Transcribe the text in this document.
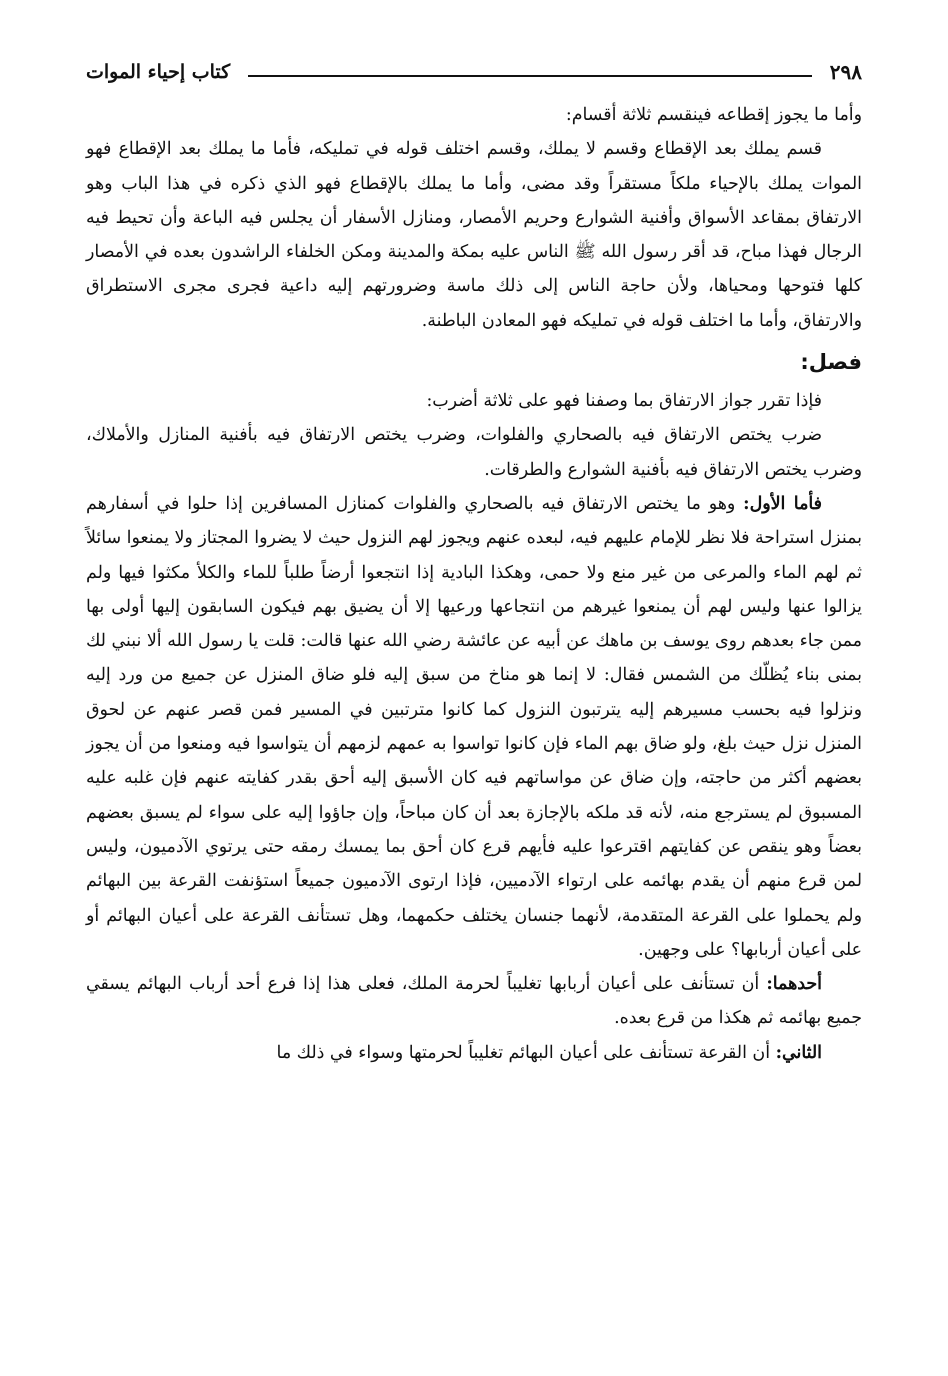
٢٩٨
كتاب إحياء الموات

وأما ما يجوز إقطاعه فينقسم ثلاثة أقسام:

قسم يملك بعد الإقطاع وقسم لا يملك، وقسم اختلف قوله في تمليكه، فأما ما يملك بعد الإقطاع فهو الموات يملك بالإحياء ملكاً مستقراً وقد مضى، وأما ما يملك بالإقطاع فهو الذي ذكره في هذا الباب وهو الارتفاق بمقاعد الأسواق وأفنية الشوارع وحريم الأمصار، ومنازل الأسفار أن يجلس فيه الباعة وأن تحيط فيه الرجال فهذا مباح، قد أقر رسول الله ﷺ الناس عليه بمكة والمدينة ومكن الخلفاء الراشدون بعده في الأمصار كلها فتوحها ومحياها، ولأن حاجة الناس إلى ذلك ماسة وضرورتهم إليه داعية فجرى مجرى الاستطراق والارتفاق، وأما ما اختلف قوله في تمليكه فهو المعادن الباطنة.

فصل:

فإذا تقرر جواز الارتفاق بما وصفنا فهو على ثلاثة أضرب:

ضرب يختص الارتفاق فيه بالصحاري والفلوات، وضرب يختص الارتفاق فيه بأفنية المنازل والأملاك، وضرب يختص الارتفاق فيه بأفنية الشوارع والطرقات.

فأما الأول: وهو ما يختص الارتفاق فيه بالصحاري والفلوات كمنازل المسافرين إذا حلوا في أسفارهم بمنزل استراحة فلا نظر للإمام عليهم فيه، لبعده عنهم ويجوز لهم النزول حيث لا يضروا المجتاز ولا يمنعوا سائلاً ثم لهم الماء والمرعى من غير منع ولا حمى، وهكذا البادية إذا انتجعوا أرضاً طلباً للماء والكلأ مكثوا فيها ولم يزالوا عنها وليس لهم أن يمنعوا غيرهم من انتجاعها ورعيها إلا أن يضيق بهم فيكون السابقون إليها أولى بها ممن جاء بعدهم روى يوسف بن ماهك عن أبيه عن عائشة رضي الله عنها قالت: قلت يا رسول الله ألا نبني لك بمنى بناء يُظلّك من الشمس فقال: لا إنما هو مناخ من سبق إليه فلو ضاق المنزل عن جميع من ورد إليه ونزلوا فيه بحسب مسيرهم إليه يترتبون النزول كما كانوا مترتبين في المسير فمن قصر عنهم عن لحوق المنزل نزل حيث بلغ، ولو ضاق بهم الماء فإن كانوا تواسوا به عمهم لزمهم أن يتواسوا فيه ومنعوا من أن يجوز بعضهم أكثر من حاجته، وإن ضاق عن مواساتهم فيه كان الأسبق إليه أحق بقدر كفايته عنهم فإن غلبه عليه المسبوق لم يسترجع منه، لأنه قد ملكه بالإجازة بعد أن كان مباحاً، وإن جاؤوا إليه على سواء لم يسبق بعضهم بعضاً وهو ينقص عن كفايتهم اقترعوا عليه فأيهم قرع كان أحق بما يمسك رمقه حتى يرتوي الآدميون، وليس لمن قرع منهم أن يقدم بهائمه على ارتواء الآدميين، فإذا ارتوى الآدميون جميعاً استؤنفت القرعة بين البهائم ولم يحملوا على القرعة المتقدمة، لأنهما جنسان يختلف حكمهما، وهل تستأنف القرعة على أعيان البهائم أو على أعيان أربابها؟ على وجهين.

أحدهما: أن تستأنف على أعيان أربابها تغليباً لحرمة الملك، فعلى هذا إذا فرع أحد أرباب البهائم يسقي جميع بهائمه ثم هكذا من قرع بعده.

الثاني: أن القرعة تستأنف على أعيان البهائم تغليباً لحرمتها وسواء في ذلك ما
